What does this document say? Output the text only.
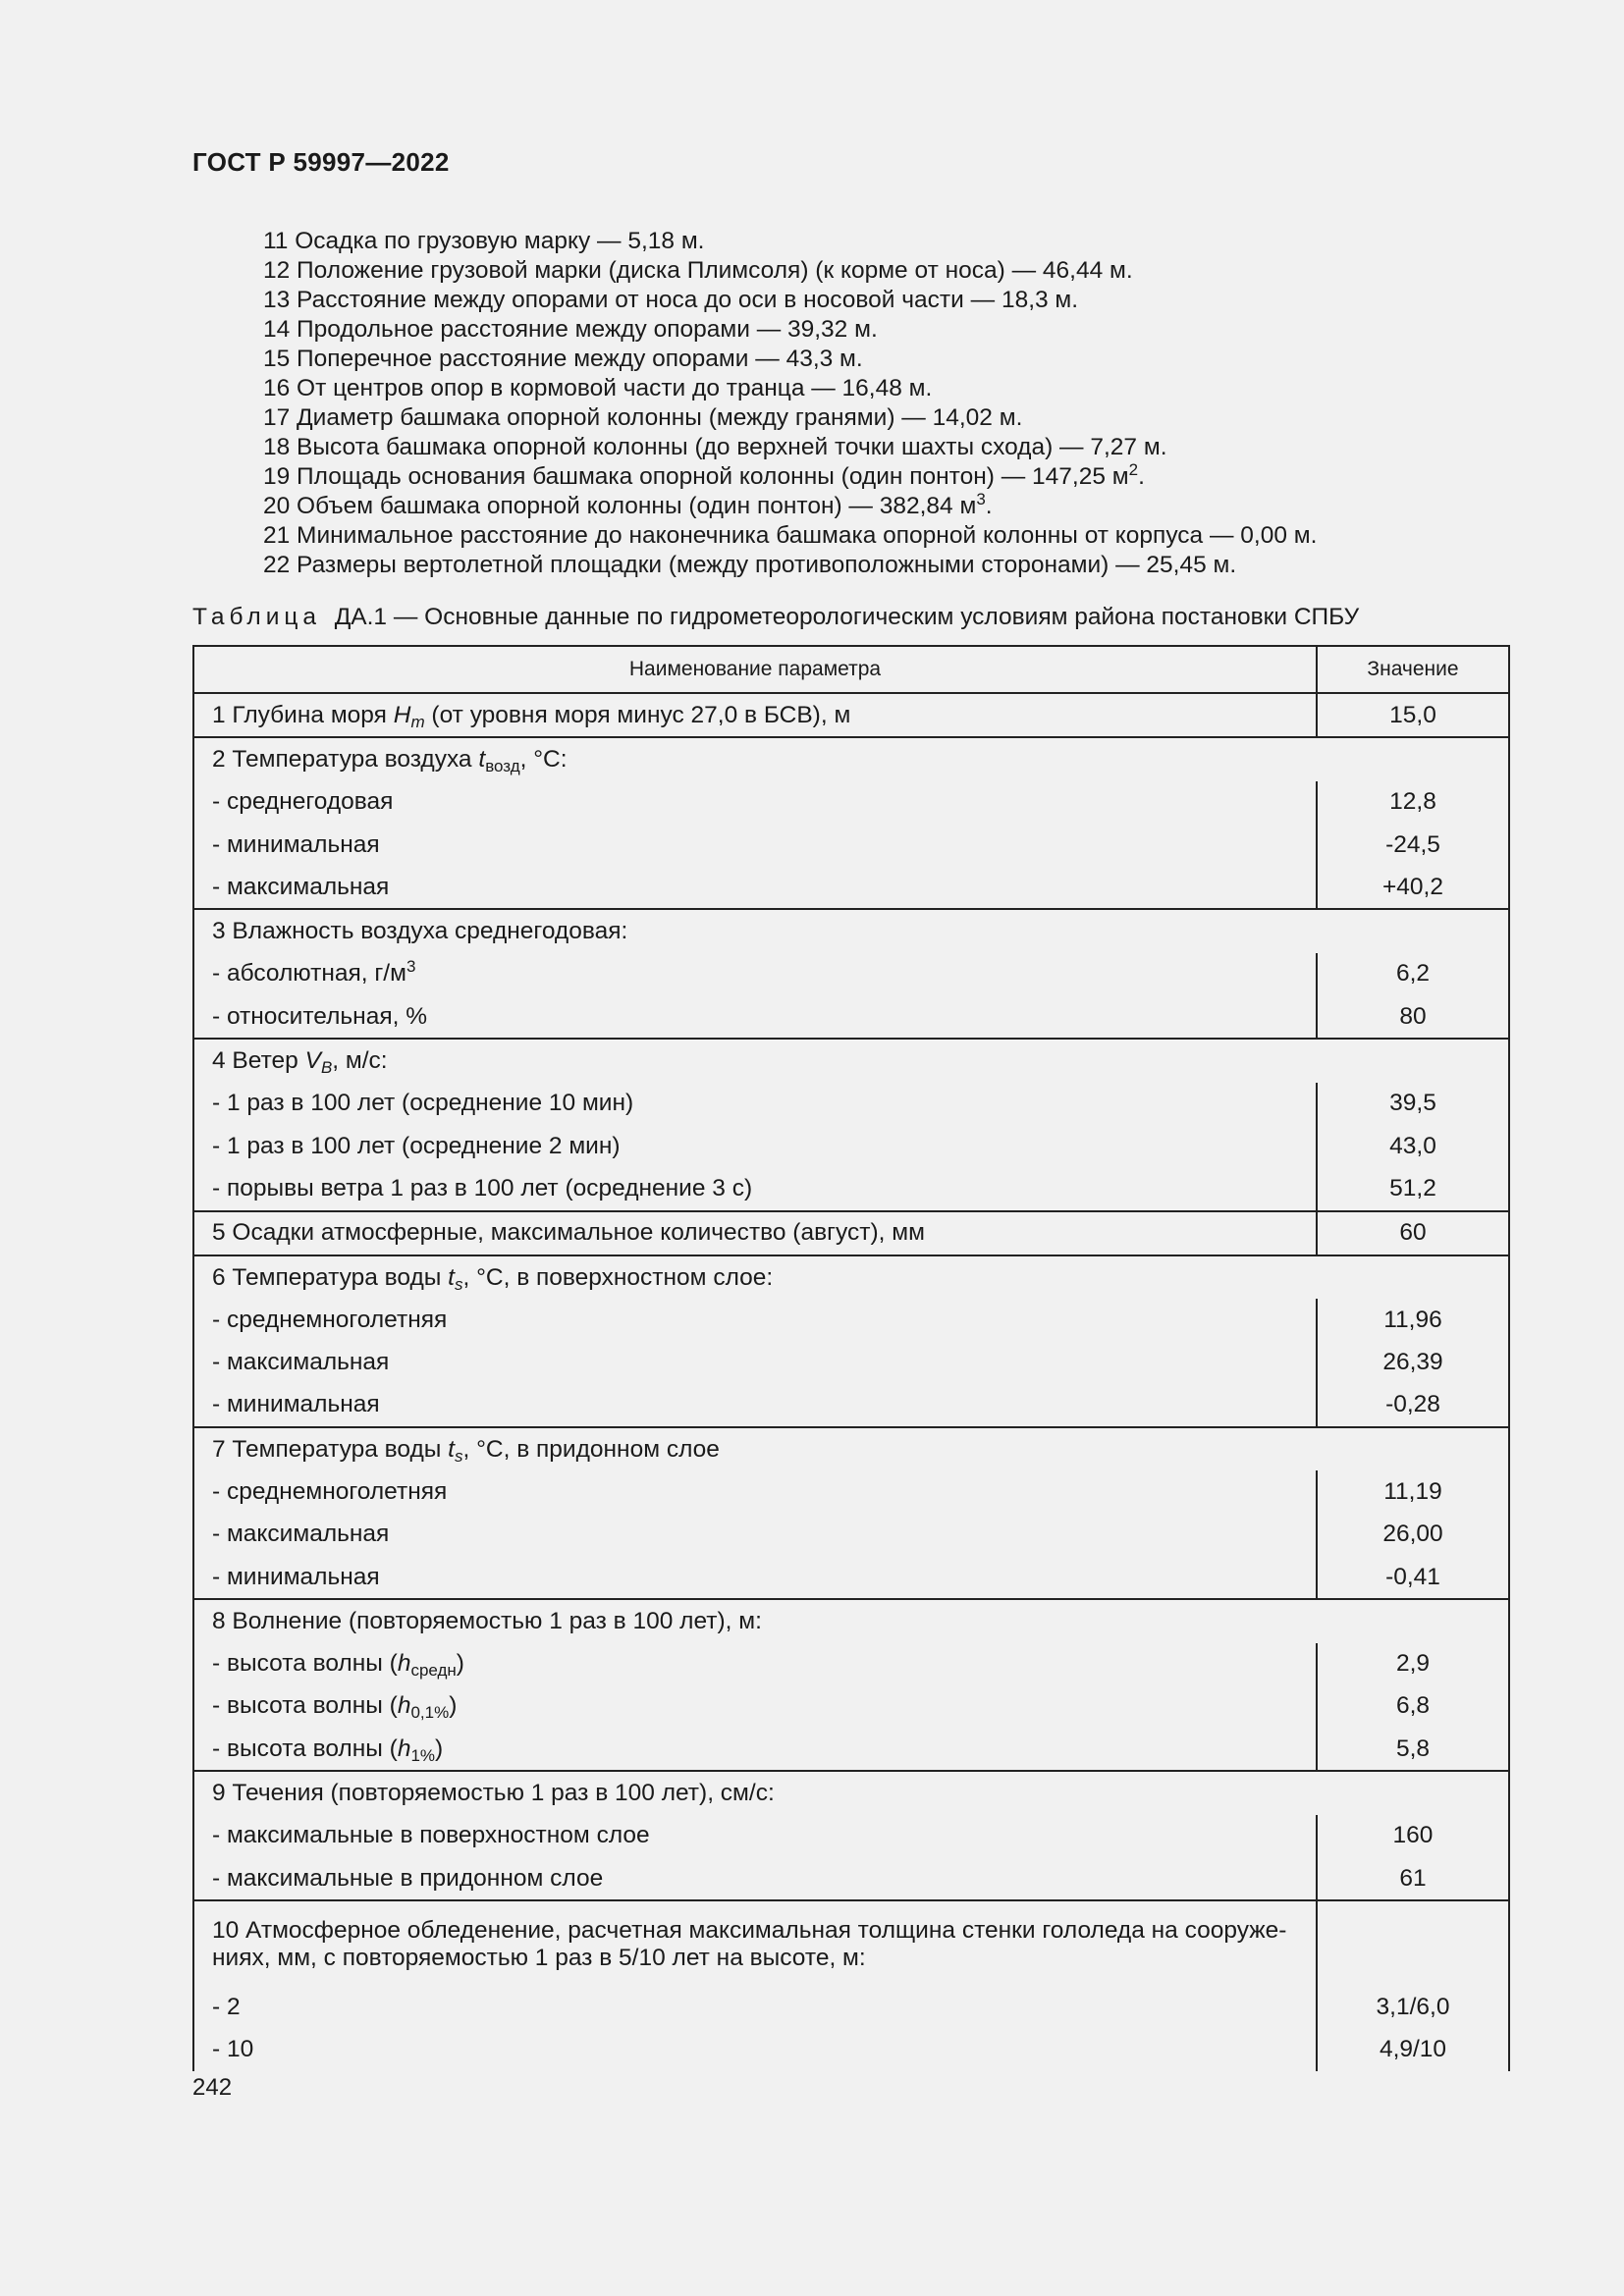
ГОСТ Р 59997—2022
11 Осадка по грузовую марку — 5,18 м.
12 Положение грузовой марки (диска Плимсоля) (к корме от носа) — 46,44 м.
13 Расстояние между опорами от носа до оси в носовой части — 18,3 м.
14 Продольное расстояние между опорами — 39,32 м.
15 Поперечное расстояние между опорами — 43,3 м.
16 От центров опор в кормовой части до транца — 16,48 м.
17 Диаметр башмака опорной колонны (между гранями) — 14,02 м.
18 Высота башмака опорной колонны (до верхней точки шахты схода) — 7,27 м.
19 Площадь основания башмака опорной колонны (один понтон) — 147,25 $м^2$.
20 Объем башмака опорной колонны (один понтон) — 382,84 $м^3$.
21 Минимальное расстояние до наконечника башмака опорной колонны от корпуса — 0,00 м.
22 Размеры вертолетной площадки (между противоположными сторонами) — 25,45 м.
Таблица ДА.1 — Основные данные по гидрометеорологическим условиям района постановки СПБУ
Наименование параметра	Значение
1 Глубина моря $H_m$ (от уровня моря минус 27,0 в БСВ), м	15,0
2 Температура воздуха $t_{возд}$, °С:	
- среднегодовая	12,8
- минимальная	-24,5
- максимальная	+40,2
3 Влажность воздуха среднегодовая:	
- абсолютная, $г/м^3$	6,2
- относительная, %	80
4 Ветер $V_B$, м/с:	
- 1 раз в 100 лет (осреднение 10 мин)	39,5
- 1 раз в 100 лет (осреднение 2 мин)	43,0
- порывы ветра 1 раз в 100 лет (осреднение 3 с)	51,2
5 Осадки атмосферные, максимальное количество (август), мм	60
6 Температура воды $t_s$, °С, в поверхностном слое:	
- среднемноголетняя	11,96
- максимальная	26,39
- минимальная	-0,28
7 Температура воды $t_s$, °С, в придонном слое	
- среднемноголетняя	11,19
- максимальная	26,00
- минимальная	-0,41
8 Волнение (повторяемостью 1 раз в 100 лет), м:	
- высота волны $(h_{средн})$	2,9
- высота волны $(h_{0,1\%})$	6,8
- высота волны $(h_{1\%})$	5,8
9 Течения (повторяемостью 1 раз в 100 лет), см/с:	
- максимальные в поверхностном слое	160
- максимальные в придонном слое	61
10 Атмосферное обледенение, расчетная максимальная толщина стенки гололеда на сооруже-ниях, мм, с повторяемостью 1 раз в 5/10 лет на высоте, м:	
- 2	3,1/6,0
- 10	4,9/10
242
